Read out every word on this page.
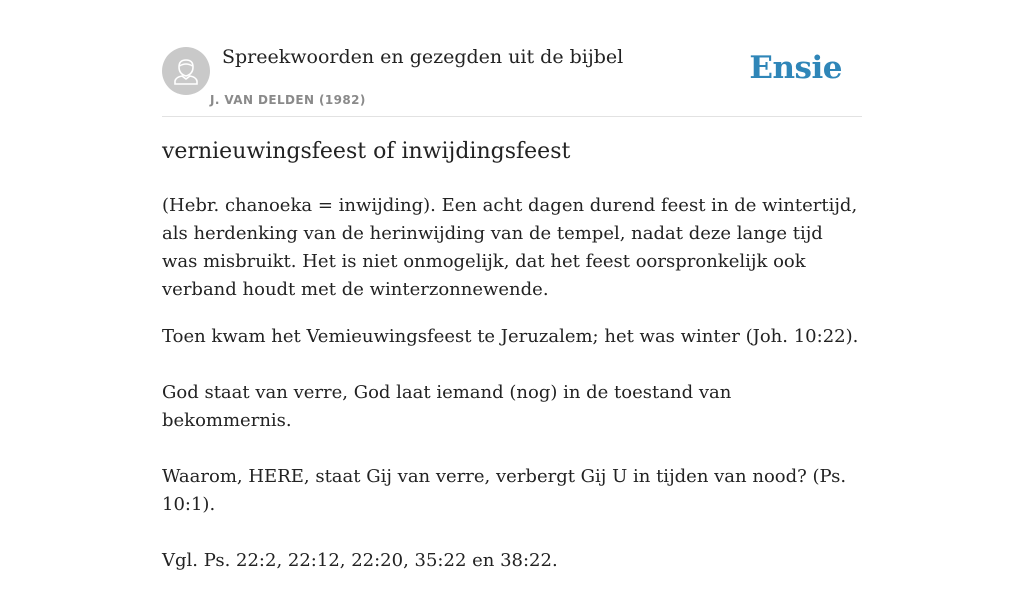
Spreekwoorden en gezegden uit de bijbel
J. VAN DELDEN (1982)
Ensie
vernieuwingsfeest of inwijdingsfeest

(Hebr. chanoeka = inwijding). Een acht dagen durend feest in de wintertijd, als herdenking van de herinwijding van de tempel, nadat deze lange tijd was misbruikt. Het is niet onmogelijk, dat het feest oorspronkelijk ook verband houdt met de winterzonnewende.

Toen kwam het Vemieuwingsfeest te Jeruzalem; het was winter (Joh. 10:22).

God staat van verre, God laat iemand (nog) in de toestand van bekommernis.

Waarom, HERE, staat Gij van verre, verbergt Gij U in tijden van nood? (Ps. 10:1).

Vgl. Ps. 22:2, 22:12, 22:20, 35:22 en 38:22.
